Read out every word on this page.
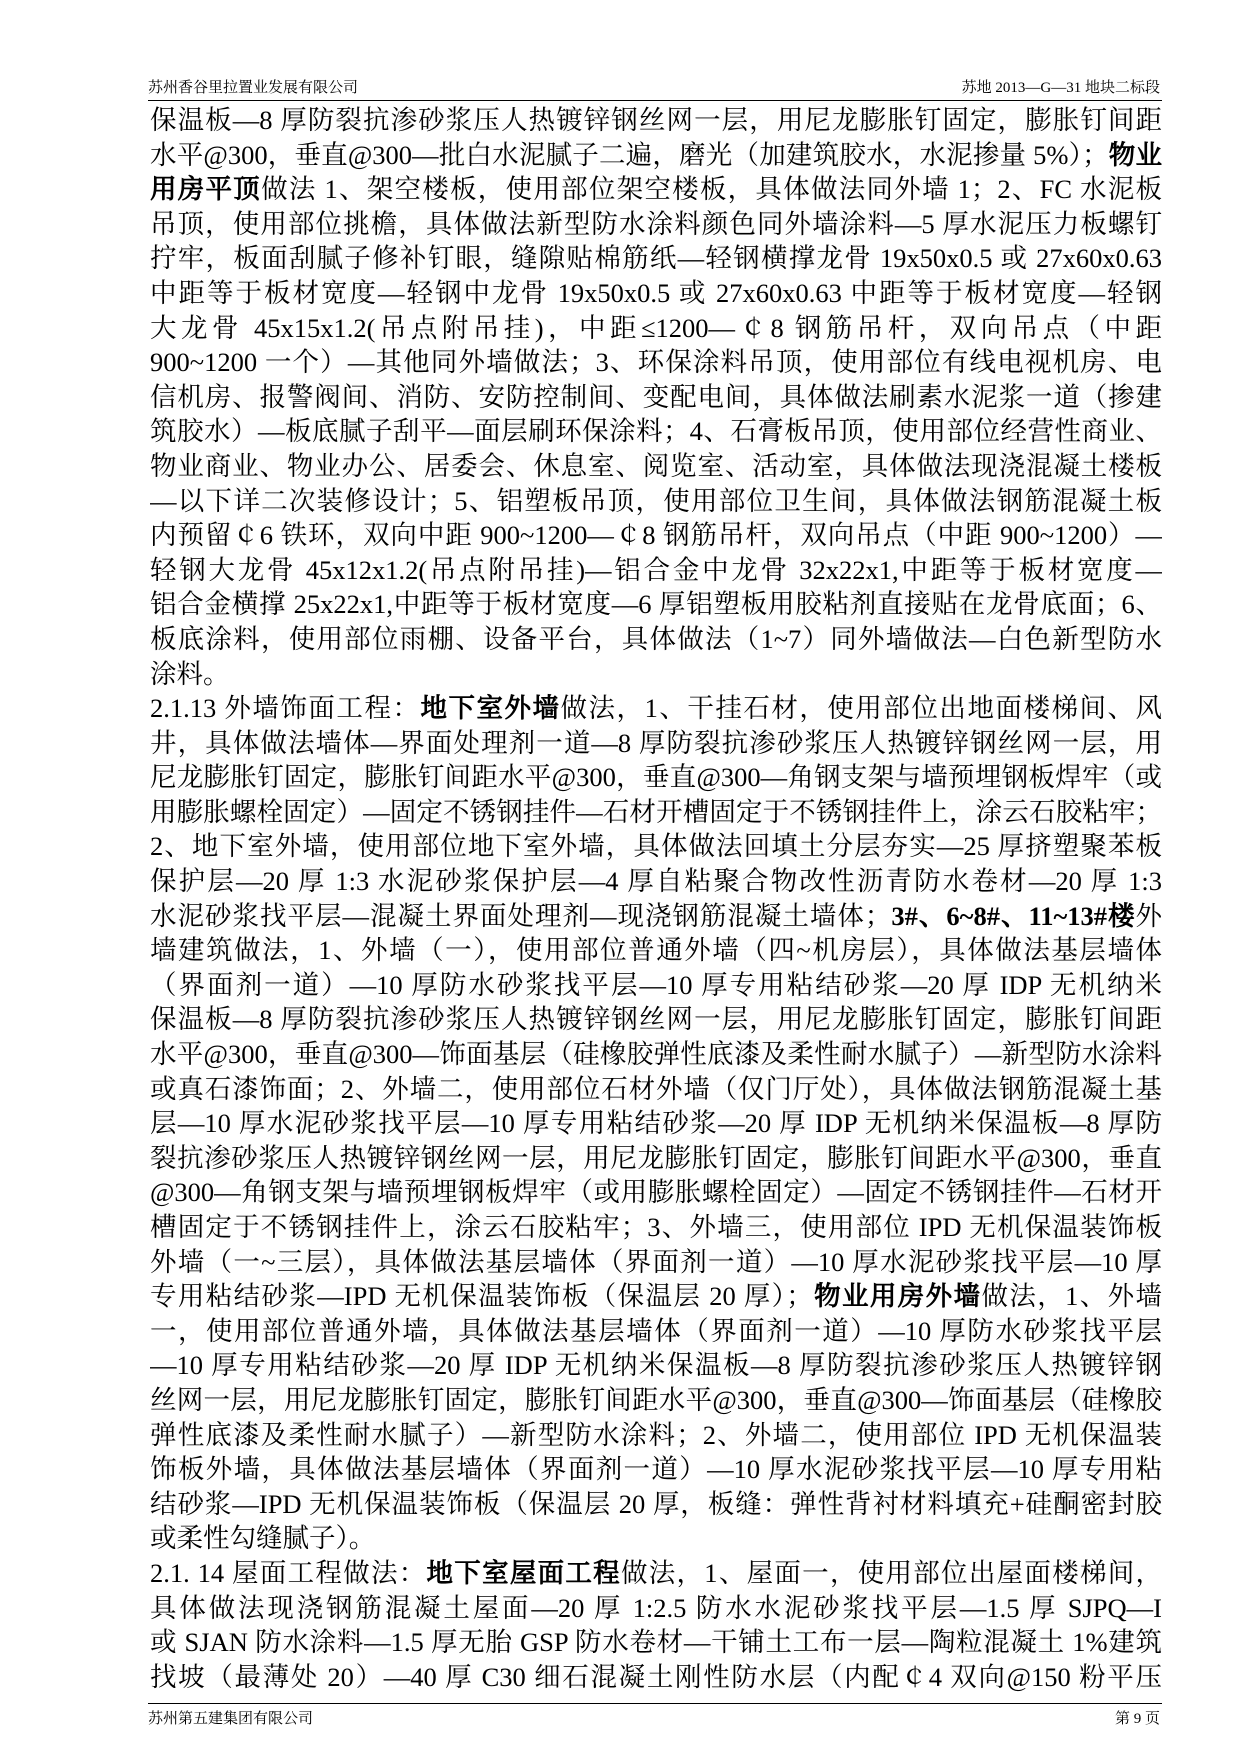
苏州香谷里拉置业发展有限公司	苏地 2013—G—31 地块二标段
保温板—8 厚防裂抗渗砂浆压人热镀锌钢丝网一层，用尼龙膨胀钉固定，膨胀钉间距
水平@300，垂直@300—批白水泥腻子二遍，磨光（加建筑胶水，水泥掺量 5%）；物业
用房平顶做法 1、架空楼板，使用部位架空楼板，具体做法同外墙 1；2、FC 水泥板
吊顶，使用部位挑檐，具体做法新型防水涂料颜色同外墙涂料—5 厚水泥压力板螺钉
拧牢，板面刮腻子修补钉眼，缝隙贴棉筋纸—轻钢横撑龙骨 19x50x0.5 或 27x60x0.63
中距等于板材宽度—轻钢中龙骨 19x50x0.5 或 27x60x0.63 中距等于板材宽度—轻钢
大龙骨 45x15x1.2(吊点附吊挂)，中距≤1200—￠8 钢筋吊杆，双向吊点（中距
900~1200 一个）—其他同外墙做法；3、环保涂料吊顶，使用部位有线电视机房、电
信机房、报警阀间、消防、安防控制间、变配电间，具体做法刷素水泥浆一道（掺建
筑胶水）—板底腻子刮平—面层刷环保涂料；4、石膏板吊顶，使用部位经营性商业、
物业商业、物业办公、居委会、休息室、阅览室、活动室，具体做法现浇混凝土楼板
—以下详二次装修设计；5、铝塑板吊顶，使用部位卫生间，具体做法钢筋混凝土板
内预留￠6 铁环，双向中距 900~1200—￠8 钢筋吊杆，双向吊点（中距 900~1200）—
轻钢大龙骨 45x12x1.2(吊点附吊挂)—铝合金中龙骨 32x22x1,中距等于板材宽度—
铝合金横撑 25x22x1,中距等于板材宽度—6 厚铝塑板用胶粘剂直接贴在龙骨底面；6、
板底涂料，使用部位雨棚、设备平台，具体做法（1~7）同外墙做法—白色新型防水
涂料。
2.1.13 外墙饰面工程：地下室外墙做法，1、干挂石材，使用部位出地面楼梯间、风
井，具体做法墙体—界面处理剂一道—8 厚防裂抗渗砂浆压人热镀锌钢丝网一层，用
尼龙膨胀钉固定，膨胀钉间距水平@300，垂直@300—角钢支架与墙预埋钢板焊牢（或
用膨胀螺栓固定）—固定不锈钢挂件—石材开槽固定于不锈钢挂件上，涂云石胶粘牢；
2、地下室外墙，使用部位地下室外墙，具体做法回填土分层夯实—25 厚挤塑聚苯板
保护层—20 厚 1:3 水泥砂浆保护层—4 厚自粘聚合物改性沥青防水卷材—20 厚 1:3
水泥砂浆找平层—混凝土界面处理剂—现浇钢筋混凝土墙体；3#、6~8#、11~13#楼外
墙建筑做法，1、外墙（一），使用部位普通外墙（四~机房层），具体做法基层墙体
（界面剂一道）—10 厚防水砂浆找平层—10 厚专用粘结砂浆—20 厚 IDP 无机纳米
保温板—8 厚防裂抗渗砂浆压人热镀锌钢丝网一层，用尼龙膨胀钉固定，膨胀钉间距
水平@300，垂直@300—饰面基层（硅橡胶弹性底漆及柔性耐水腻子）—新型防水涂料
或真石漆饰面；2、外墙二，使用部位石材外墙（仅门厅处），具体做法钢筋混凝土基
层—10 厚水泥砂浆找平层—10 厚专用粘结砂浆—20 厚 IDP 无机纳米保温板—8 厚防
裂抗渗砂浆压人热镀锌钢丝网一层，用尼龙膨胀钉固定，膨胀钉间距水平@300，垂直
@300—角钢支架与墙预埋钢板焊牢（或用膨胀螺栓固定）—固定不锈钢挂件—石材开
槽固定于不锈钢挂件上，涂云石胶粘牢；3、外墙三，使用部位 IPD 无机保温装饰板
外墙（一~三层），具体做法基层墙体（界面剂一道）—10 厚水泥砂浆找平层—10 厚
专用粘结砂浆—IPD 无机保温装饰板（保温层 20 厚）；物业用房外墙做法，1、外墙
一，使用部位普通外墙，具体做法基层墙体（界面剂一道）—10 厚防水砂浆找平层
—10 厚专用粘结砂浆—20 厚 IDP 无机纳米保温板—8 厚防裂抗渗砂浆压人热镀锌钢
丝网一层，用尼龙膨胀钉固定，膨胀钉间距水平@300，垂直@300—饰面基层（硅橡胶
弹性底漆及柔性耐水腻子）—新型防水涂料；2、外墙二，使用部位 IPD 无机保温装
饰板外墙，具体做法基层墙体（界面剂一道）—10 厚水泥砂浆找平层—10 厚专用粘
结砂浆—IPD 无机保温装饰板（保温层 20 厚，板缝：弹性背衬材料填充+硅酮密封胶
或柔性勾缝腻子）。
2.1. 14 屋面工程做法：地下室屋面工程做法，1、屋面一，使用部位出屋面楼梯间，
具体做法现浇钢筋混凝土屋面—20 厚 1:2.5 防水水泥砂浆找平层—1.5 厚 SJPQ—I
或 SJAN 防水涂料—1.5 厚无胎 GSP 防水卷材—干铺土工布一层—陶粒混凝土 1%建筑
找坡（最薄处 20）—40 厚 C30 细石混凝土刚性防水层（内配￠4 双向@150 粉平压
苏州第五建集团有限公司	第 9 页
